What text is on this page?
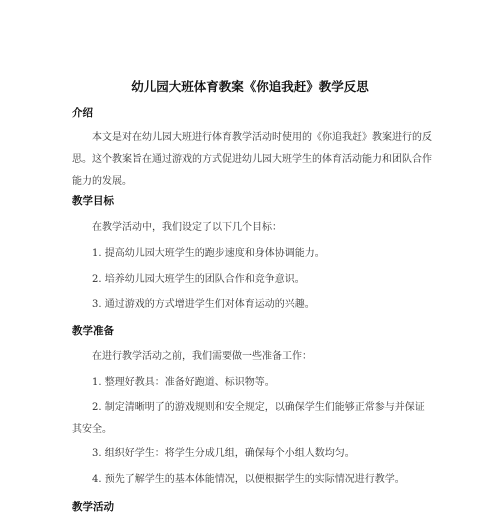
幼儿园大班体育教案《你追我赶》教学反思
介绍
本文是对在幼儿园大班进行体育教学活动时使用的《你追我赶》教案进行的反思。这个教案旨在通过游戏的方式促进幼儿园大班学生的体育活动能力和团队合作能力的发展。
教学目标
在教学活动中，我们设定了以下几个目标：
1. 提高幼儿园大班学生的跑步速度和身体协调能力。
2. 培养幼儿园大班学生的团队合作和竞争意识。
3. 通过游戏的方式增进学生们对体育运动的兴趣。
教学准备
在进行教学活动之前，我们需要做一些准备工作：
1. 整理好教具：准备好跑道、标识物等。
2. 制定清晰明了的游戏规则和安全规定，以确保学生们能够正常参与并保证其安全。
3. 组织好学生：将学生分成几组，确保每个小组人数均匀。
4. 预先了解学生的基本体能情况，以便根据学生的实际情况进行教学。
教学活动
